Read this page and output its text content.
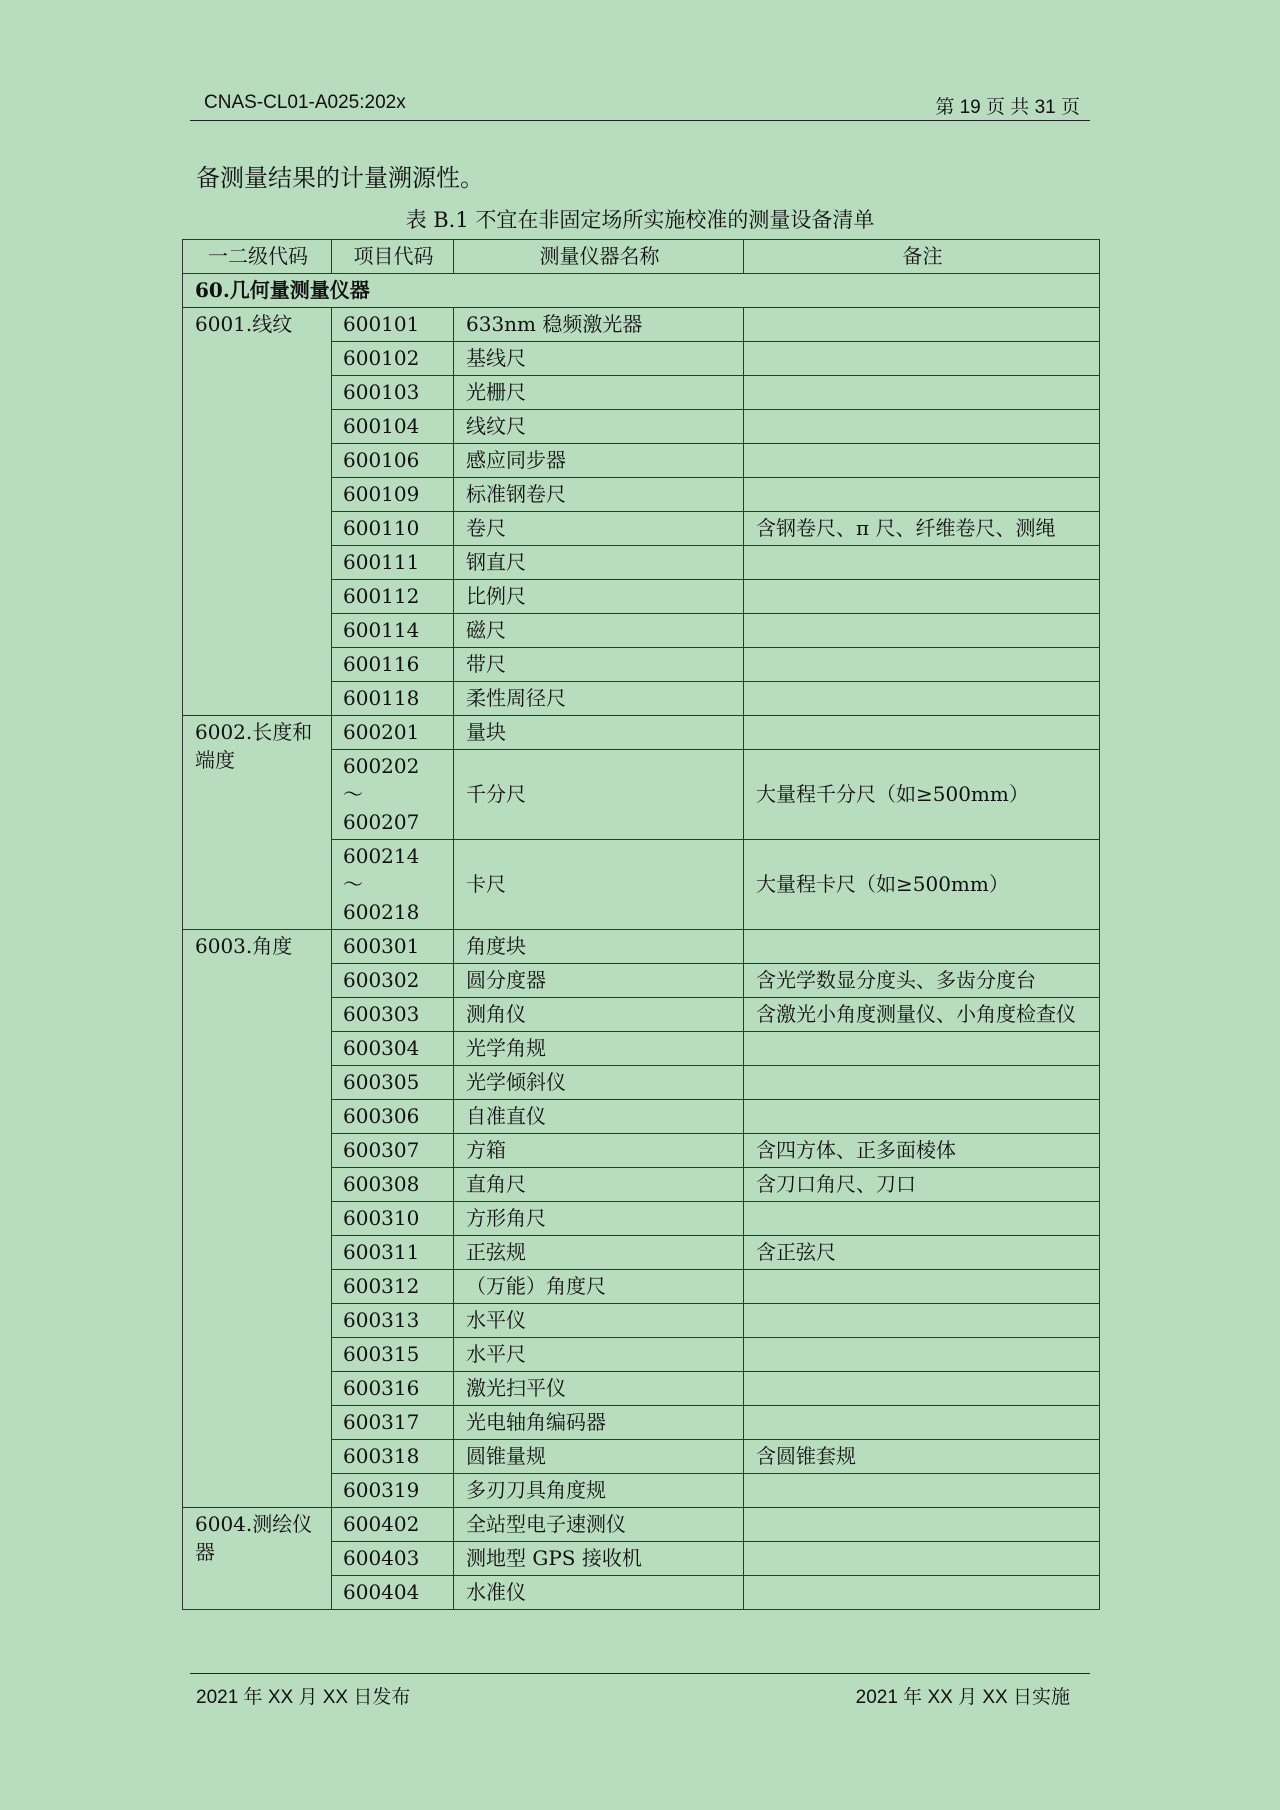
CNAS-CL01-A025:202x	第 19 页 共 31 页
备测量结果的计量溯源性。
表 B.1 不宜在非固定场所实施校准的测量设备清单
一二级代码	项目代码	测量仪器名称	备注
60.几何量测量仪器			
6001.线纹	600101	633nm 稳频激光器	
	600102	基线尺	
	600103	光栅尺	
	600104	线纹尺	
	600106	感应同步器	
	600109	标准钢卷尺	
	600110	卷尺	含钢卷尺、π 尺、纤维卷尺、测绳
	600111	钢直尺	
	600112	比例尺	
	600114	磁尺	
	600116	带尺	
	600118	柔性周径尺	
6002.长度和端度	600201	量块	
	600202 ～ 600207	千分尺	大量程千分尺（如≥500mm）
	600214 ～ 600218	卡尺	大量程卡尺（如≥500mm）
6003.角度	600301	角度块	
	600302	圆分度器	含光学数显分度头、多齿分度台
	600303	测角仪	含激光小角度测量仪、小角度检查仪
	600304	光学角规	
	600305	光学倾斜仪	
	600306	自准直仪	
	600307	方箱	含四方体、正多面棱体
	600308	直角尺	含刀口角尺、刀口
	600310	方形角尺	
	600311	正弦规	含正弦尺
	600312	（万能）角度尺	
	600313	水平仪	
	600315	水平尺	
	600316	激光扫平仪	
	600317	光电轴角编码器	
	600318	圆锥量规	含圆锥套规
	600319	多刃刀具角度规	
6004.测绘仪器	600402	全站型电子速测仪	
	600403	测地型 GPS 接收机	
	600404	水准仪	
2021 年 XX 月 XX 日发布	2021 年 XX 月 XX 日实施
